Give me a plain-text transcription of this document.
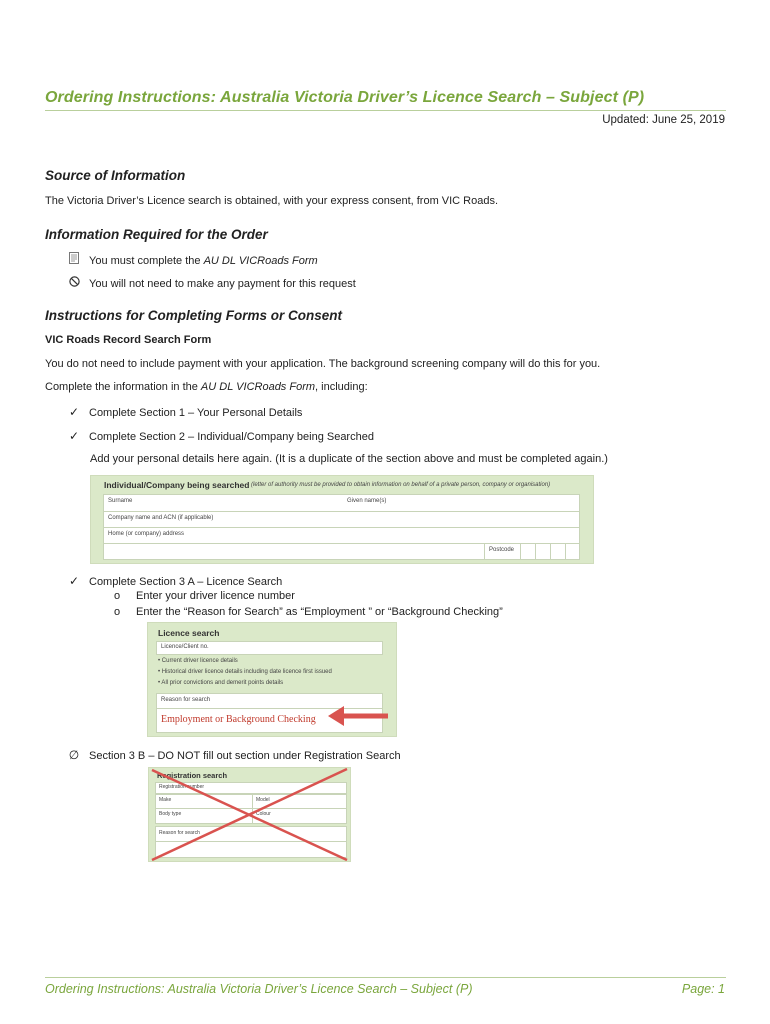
Ordering Instructions: Australia Victoria Driver’s Licence Search – Subject (P)
Updated: June 25, 2019
Source of Information
The Victoria Driver’s Licence search is obtained, with your express consent, from VIC Roads.
Information Required for the Order
You must complete the AU DL VICRoads Form
You will not need to make any payment for this request
Instructions for Completing Forms or Consent
VIC Roads Record Search Form
You do not need to include payment with your application. The background screening company will do this for you.
Complete the information in the AU DL VICRoads Form, including:
✓ Complete Section 1 – Your Personal Details
✓ Complete Section 2 – Individual/Company being Searched
Add your personal details here again. (It is a duplicate of the section above and must be completed again.)
Individual/Company being searched (letter of authority must be provided to obtain information on behalf of a private person, company or organisation)
Surname	Given name(s)
Company name and ACN (if applicable)
Home (or company) address
Postcode
✓ Complete Section 3 A – Licence Search
o Enter your driver licence number
o Enter the “Reason for Search” as “Employment ” or “Background Checking”
Licence search
Licence/Client no.
• Current driver licence details
• Historical driver licence details including date licence first issued
• All prior convictions and demerit points details
Reason for search
Employment or Background Checking
∅ Section 3 B – DO NOT fill out section under Registration Search
Registration search
Registration number
Make	Model
Body type	Colour
Reason for search
Ordering Instructions: Australia Victoria Driver’s Licence Search – Subject (P)	Page: 1
